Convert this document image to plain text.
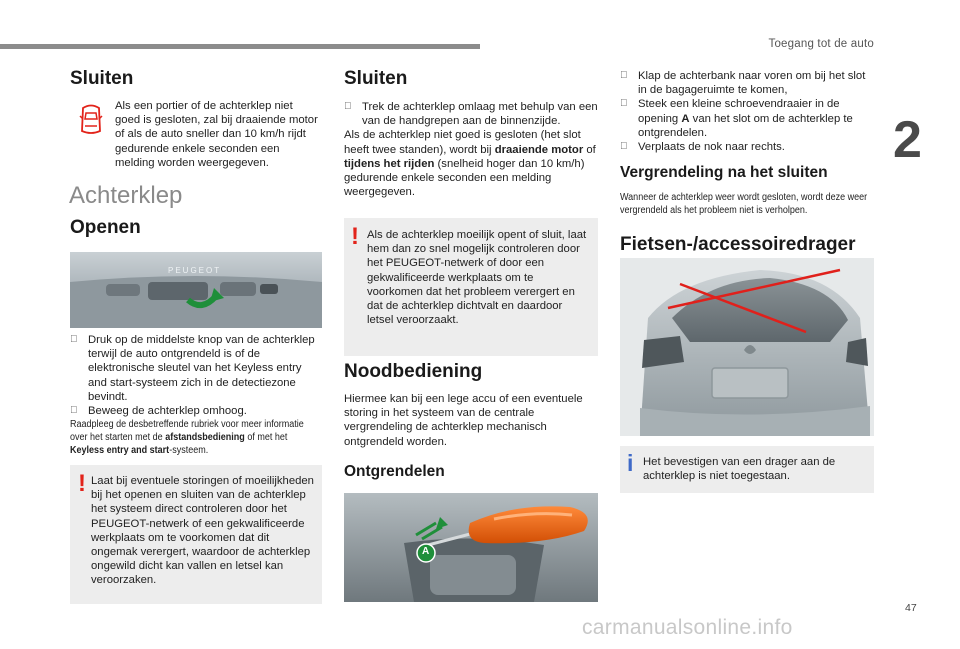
Toegang tot de auto
2
Sluiten
Als een portier of de achterklep niet goed is gesloten, zal bij draaiende motor of als de auto sneller dan 10 km/h rijdt gedurende enkele seconden een melding worden weergegeven.
Achterklep
Openen
PEUGEOT
Druk op de middelste knop van de achterklep terwijl de auto ontgrendeld is of de elektronische sleutel van het Keyless entry and start-systeem zich in de detectiezone bevindt.
Beweeg de achterklep omhoog.
Raadpleeg de desbetreffende rubriek voor meer informatie over het starten met de afstandsbediening of met het Keyless entry and start-systeem.
! Laat bij eventuele storingen of moeilijkheden bij het openen en sluiten van de achterklep het systeem direct controleren door het PEUGEOT-netwerk of een gekwalificeerde werkplaats om te voorkomen dat dit ongemak verergert, waardoor de achterklep ongewild dicht kan vallen en letsel kan veroorzaken.
Sluiten
Trek de achterklep omlaag met behulp van een van de handgrepen aan de binnenzijde.
Als de achterklep niet goed is gesloten (het slot heeft twee standen), wordt bij draaiende motor of tijdens het rijden (snelheid hoger dan 10 km/h) gedurende enkele seconden een melding weergegeven.
! Als de achterklep moeilijk opent of sluit, laat hem dan zo snel mogelijk controleren door het PEUGEOT-netwerk of door een gekwalificeerde werkplaats om te voorkomen dat het probleem verergert en dat de achterklep dichtvalt en daardoor letsel veroorzaakt.
Noodbediening
Hiermee kan bij een lege accu of een eventuele storing in het systeem van de centrale vergrendeling de achterklep mechanisch ontgrendeld worden.
Ontgrendelen
A
Klap de achterbank naar voren om bij het slot in de bagageruimte te komen,
Steek een kleine schroevendraaier in de opening A van het slot om de achterklep te ontgrendelen.
Verplaats de nok naar rechts.
Vergrendeling na het sluiten
Wanneer de achterklep weer wordt gesloten, wordt deze weer vergrendeld als het probleem niet is verholpen.
Fietsen-/accessoiredrager
i Het bevestigen van een drager aan de achterklep is niet toegestaan.
47
carmanualsonline.info
